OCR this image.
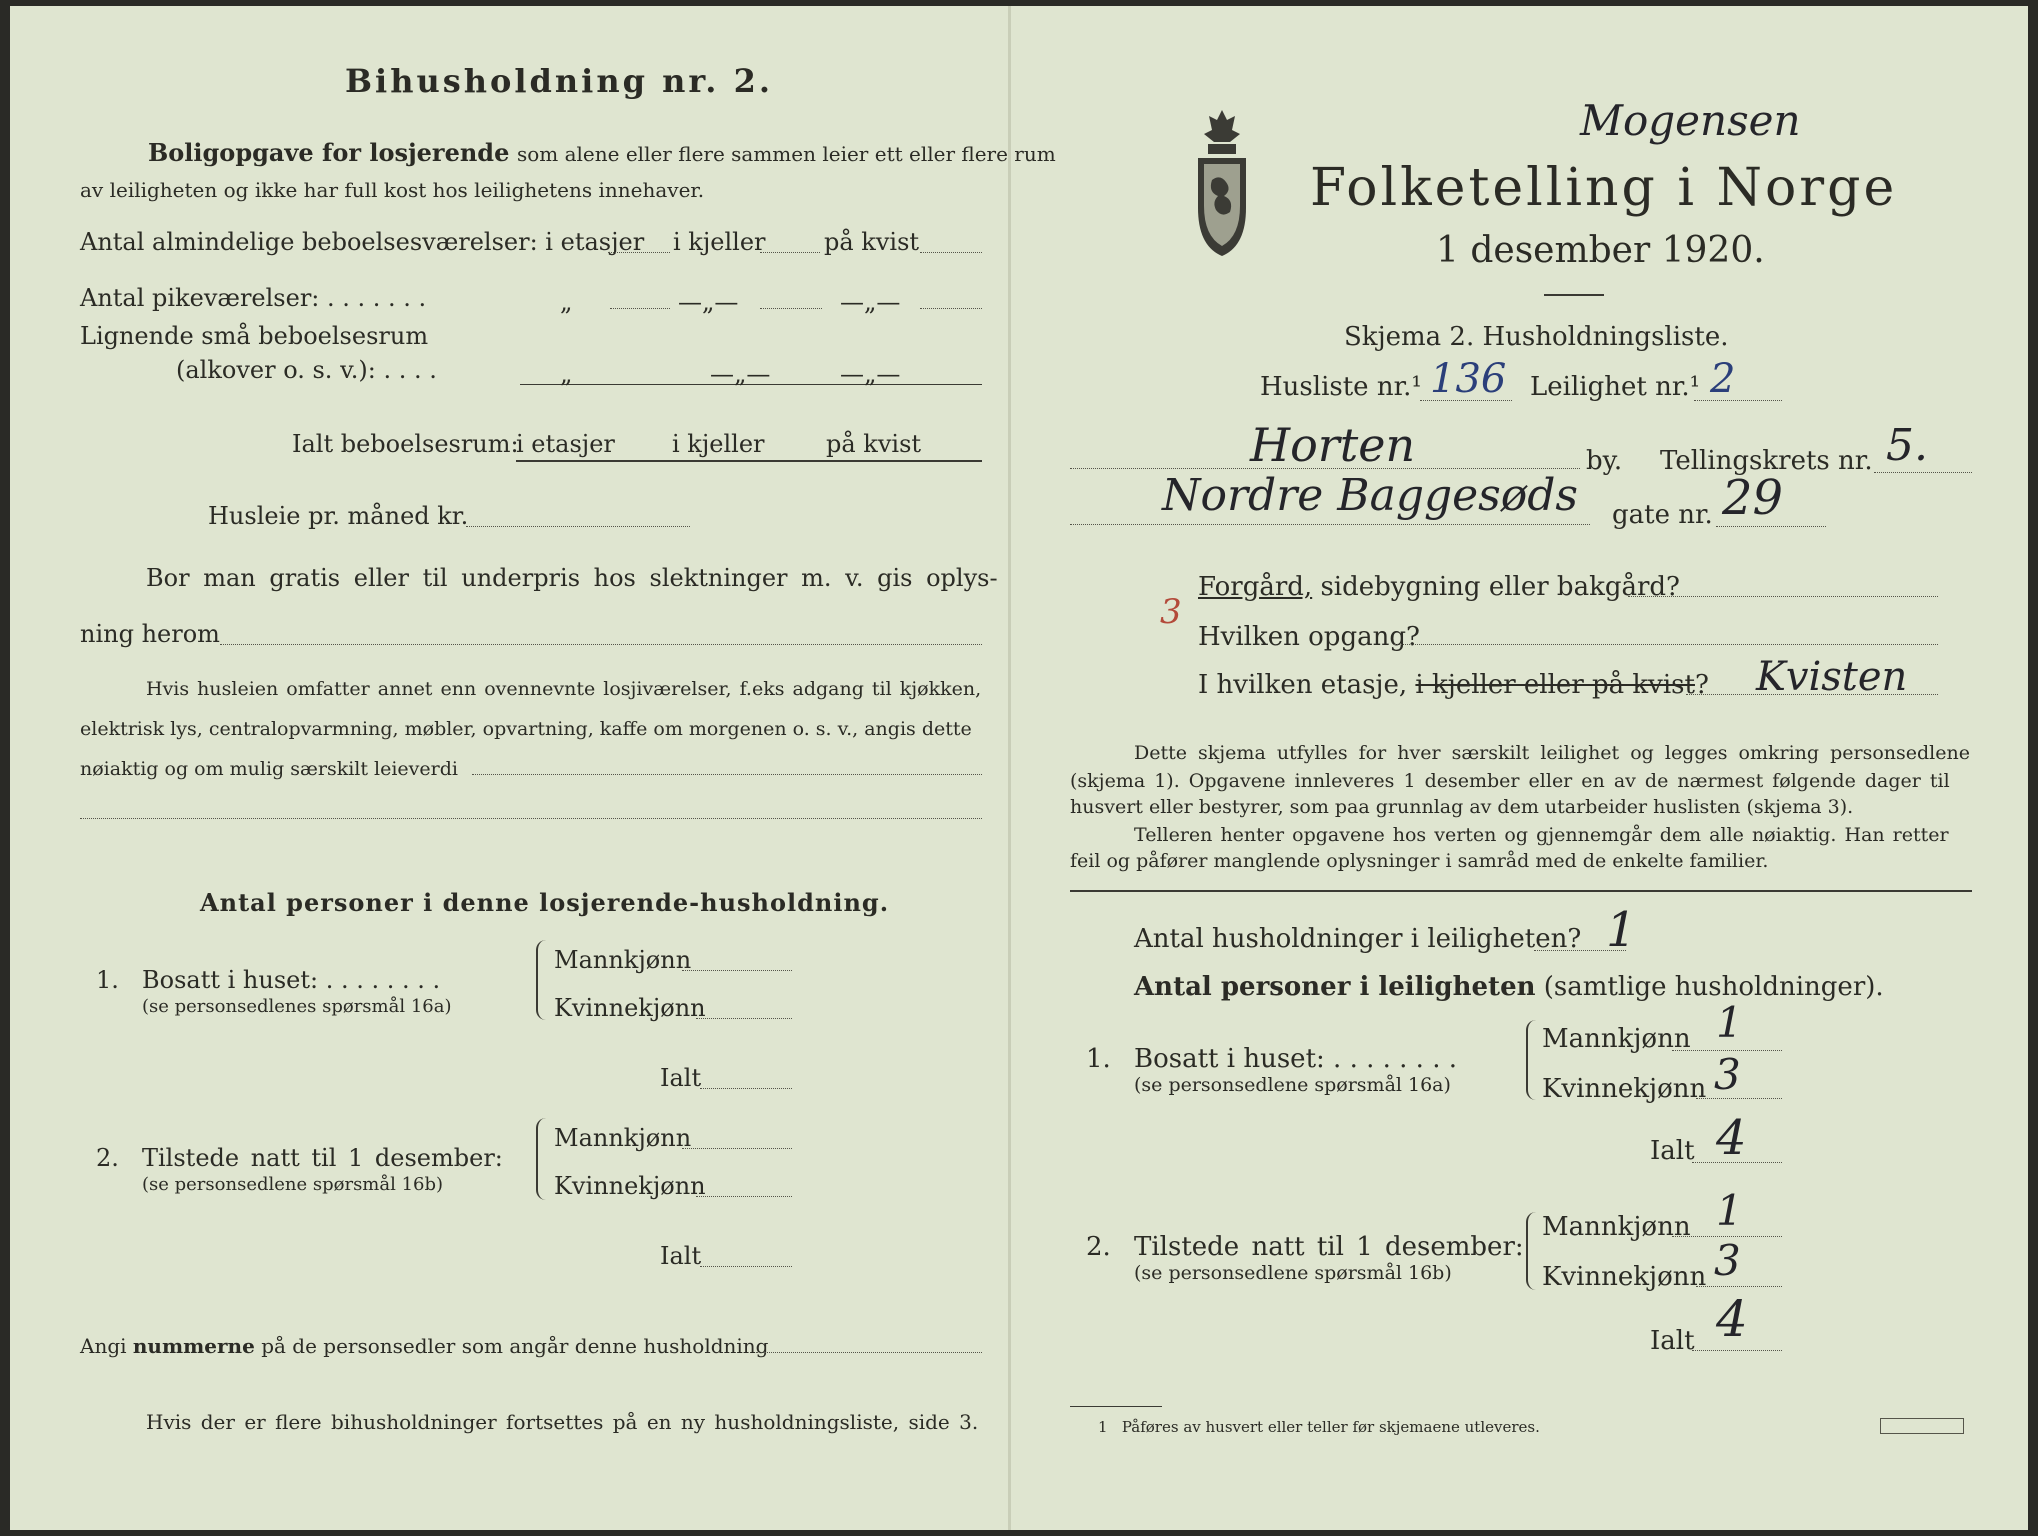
Bihusholdning nr. 2.
Boligopgave for losjerende som alene eller flere sammen leier ett eller flere rum
av leiligheten og ikke har full kost hos leilighetens innehaver.
Antal almindelige beboelsesværelser: i etasjer i kjeller på kvist
Antal pikeværelser: . . . . . . .	„	—„—	—„—
Lignende små beboelsesrum
(alkover o. s. v.): . . . .	„	—„—	—„—
Ialt beboelsesrum:
i etasjer i kjeller	på kvist
Husleie pr. måned kr.
Bor man gratis eller til underpris hos slektninger m. v. gis oplys-
ning herom
Hvis husleien omfatter annet enn ovennevnte losjiværelser, f.eks adgang til kjøkken,
elektrisk lys, centralopvarmning, møbler, opvartning, kaffe om morgenen o. s. v., angis dette
nøiaktig og om mulig særskilt leieverdi
Antal personer i denne losjerende-husholdning.
1. Bosatt i huset: . . . . . . . .
(se personsedlenes spørsmål 16a)
Mannkjønn
Kvinnekjønn
Ialt
2. Tilstede natt til 1 desember:
(se personsedlene spørsmål 16b)
Mannkjønn
Kvinnekjønn
Ialt
Angi nummerne på de personsedler som angår denne husholdning
Hvis der er flere bihusholdninger fortsettes på en ny husholdningsliste, side 3.
Mogensen
Folketelling i Norge
1 desember 1920.
Skjema 2. Husholdningsliste.
Husliste nr.¹ 136 Leilighet nr.¹ 2
Horten	by. Tellingskrets nr. 5.
Nordre Baggesøds gate nr. 29
3
Forgård, sidebygning eller bakgård?
Hvilken opgang?
I hvilken etasje, i kjeller eller på kvist? Kvisten
Dette skjema utfylles for hver særskilt leilighet og legges omkring personsedlene
(skjema 1). Opgavene innleveres 1 desember eller en av de nærmest følgende dager til
husvert eller bestyrer, som paa grunnlag av dem utarbeider huslisten (skjema 3).
Telleren henter opgavene hos verten og gjennemgår dem alle nøiaktig. Han retter
feil og påfører manglende oplysninger i samråd med de enkelte familier.
Antal husholdninger i leiligheten? 1
Antal personer i leiligheten (samtlige husholdninger).
1. Bosatt i huset: . . . . . . . .
(se personsedlene spørsmål 16a)
Mannkjønn 1
Kvinnekjønn 3
Ialt 4
2. Tilstede natt til 1 desember:
(se personsedlene spørsmål 16b)
Mannkjønn 1
Kvinnekjønn 3
Ialt 4
1 Påføres av husvert eller teller før skjemaene utleveres.
